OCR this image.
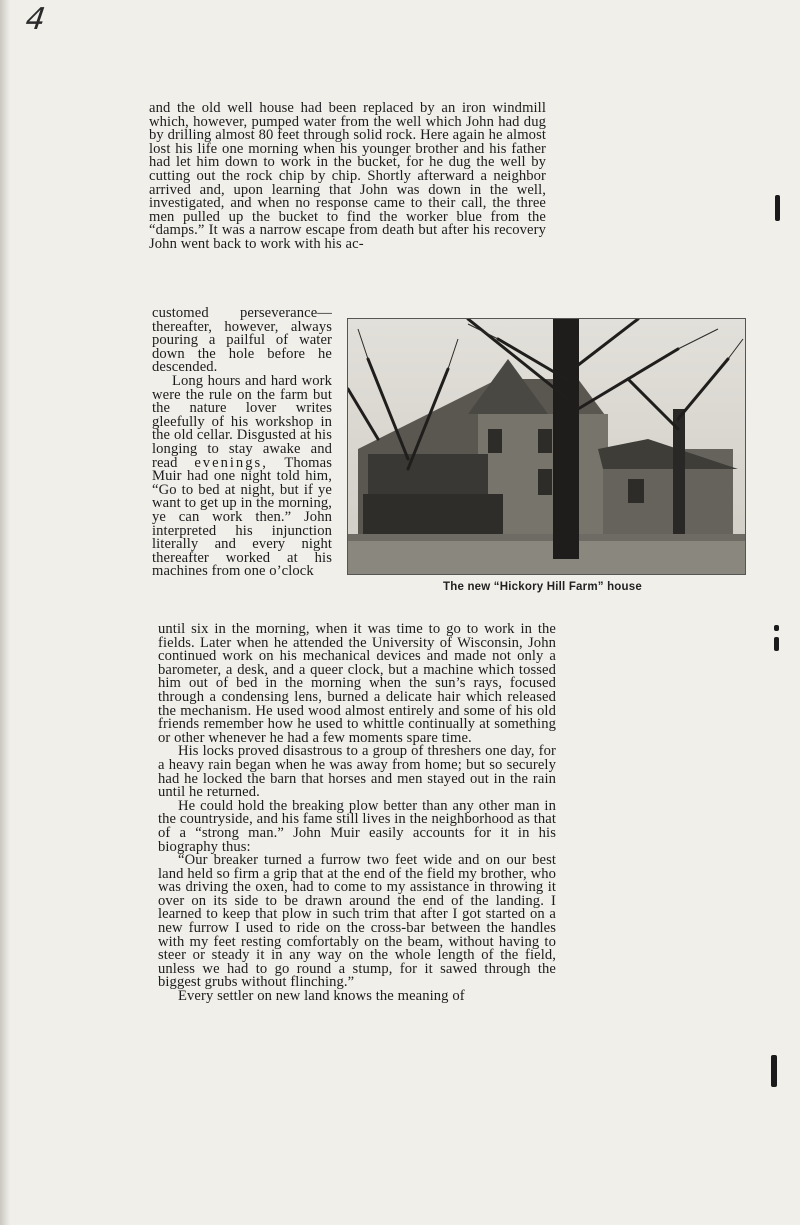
4

and the old well house had been replaced by an iron windmill which, however, pumped water from the well which John had dug by drilling almost 80 feet through solid rock. Here again he almost lost his life one morning when his younger brother and his father had let him down to work in the bucket, for he dug the well by cutting out the rock chip by chip. Shortly afterward a neighbor arrived and, upon learning that John was down in the well, investigated, and when no response came to their call, the three men pulled up the bucket to find the worker blue from the “damps.” It was a narrow escape from death but after his recovery John went back to work with his ac-

customed perseverance—thereafter, however, always pouring a pailful of water down the hole before he descended.

Long hours and hard work were the rule on the farm but the nature lover writes gleefully of his workshop in the old cellar. Disgusted at his longing to stay awake and read evenings, Thomas Muir had one night told him, “Go to bed at night, but if ye want to get up in the morning, ye can work then.” John interpreted his injunction literally and every night thereafter worked at his machines from one o’clock

The new “Hickory Hill Farm” house

until six in the morning, when it was time to go to work in the fields. Later when he attended the University of Wisconsin, John continued work on his mechanical devices and made not only a barometer, a desk, and a queer clock, but a machine which tossed him out of bed in the morning when the sun’s rays, focused through a condensing lens, burned a delicate hair which released the mechanism. He used wood almost entirely and some of his old friends remember how he used to whittle continually at something or other whenever he had a few moments spare time.

His locks proved disastrous to a group of threshers one day, for a heavy rain began when he was away from home; but so securely had he locked the barn that horses and men stayed out in the rain until he returned.

He could hold the breaking plow better than any other man in the countryside, and his fame still lives in the neighborhood as that of a “strong man.” John Muir easily accounts for it in his biography thus:

“Our breaker turned a furrow two feet wide and on our best land held so firm a grip that at the end of the field my brother, who was driving the oxen, had to come to my assistance in throwing it over on its side to be drawn around the end of the landing. I learned to keep that plow in such trim that after I got started on a new furrow I used to ride on the cross-bar between the handles with my feet resting comfortably on the beam, without having to steer or steady it in any way on the whole length of the field, unless we had to go round a stump, for it sawed through the biggest grubs without flinching.”

Every settler on new land knows the meaning of
